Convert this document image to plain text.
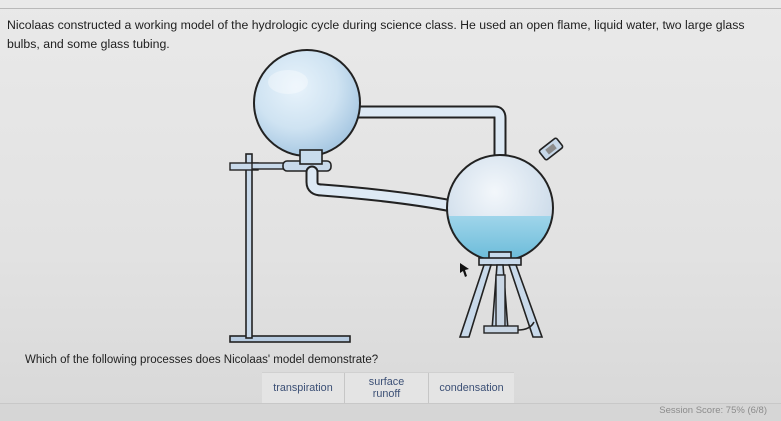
Nicolaas constructed a working model of the hydrologic cycle during science class. He used an open flame, liquid water, two large glass bulbs, and some glass tubing.
Which of the following processes does Nicolaas' model demonstrate?
transpiration	surface runoff	condensation
Session Score: 75% (6/8)
